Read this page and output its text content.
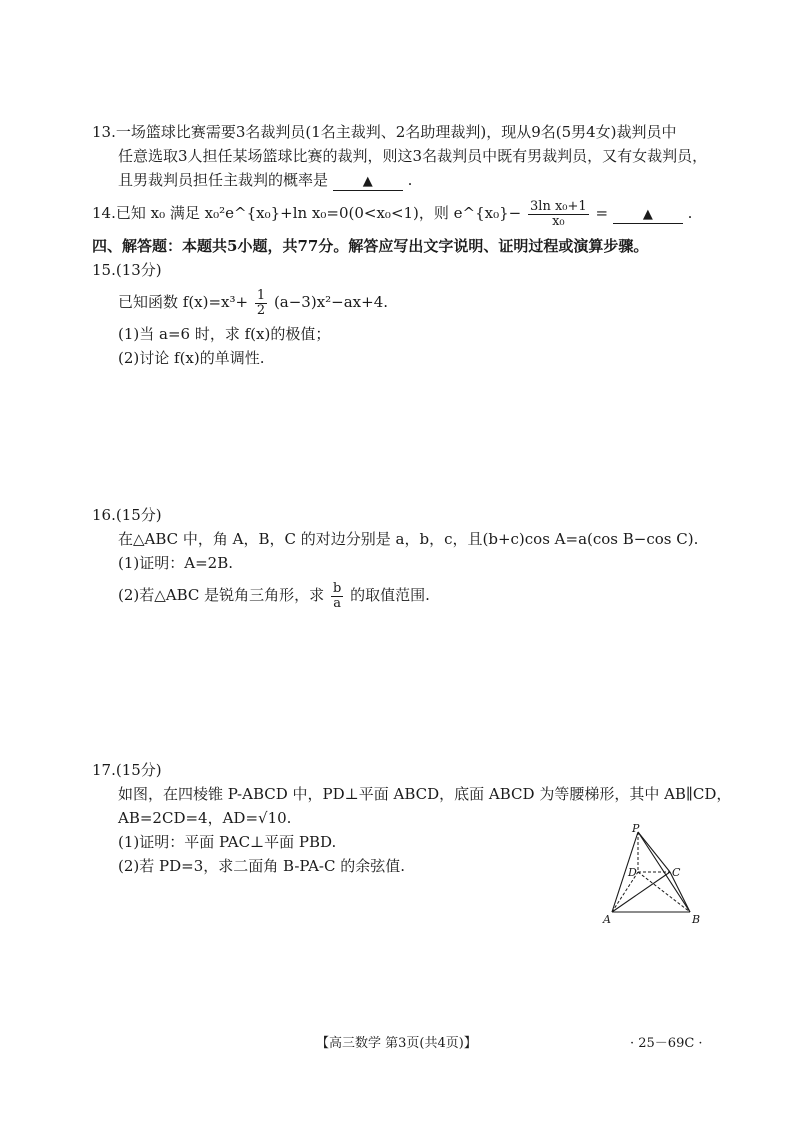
13.一场篮球比赛需要3名裁判员(1名主裁判、2名助理裁判)，现从9名(5男4女)裁判员中
任意选取3人担任某场篮球比赛的裁判，则这3名裁判员中既有男裁判员，又有女裁判员，
且男裁判员担任主裁判的概率是	▲ .
14.已知 x₀ 满足 x₀²e^{x₀}+ln x₀=0(0<x₀<1)，则 e^{x₀}− $\frac{\text{3ln x₀+1}}{\text{x₀}}$ =	▲ .
四、解答题：本题共5小题，共77分。解答应写出文字说明、证明过程或演算步骤。
15.(13分)
已知函数 $f(x)=x^3+ \frac{1}{2} (a-3)x^2-ax+4$.
(1)当 a=6 时，求 f(x)的极值；
(2)讨论 f(x)的单调性.
16.(15分)
在△ABC 中，角 A，B，C 的对边分别是 a，b，c，且(b+c)cos A=a(cos B−cos C).
(1)证明：A=2B.
(2)若△ABC 是锐角三角形，求 $\frac{b}{a}$ 的取值范围.
17.(15分)
如图，在四棱锥 P-ABCD 中，PD⊥平面 ABCD，底面 ABCD 为等腰梯形，其中 AB∥CD，
AB=2CD=4，AD=√10.
(1)证明：平面 PAC⊥平面 PBD.
(2)若 PD=3，求二面角 B-PA-C 的余弦值.
P
A	B
C
D
【高三数学 第3页(共4页)】	· 25－69C ·
